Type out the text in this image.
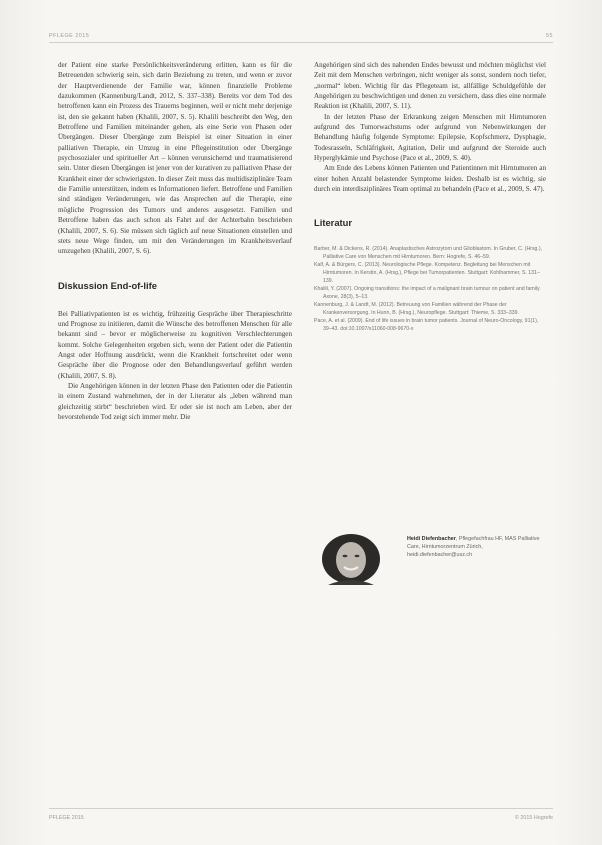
PFLEGE 2015	55

der Patient eine starke Persönlichkeitsveränderung erlitten, kann es für die Betreuenden schwierig sein, sich darin Beziehung zu treten, und wenn er zuvor der Hauptverdienende der Familie war, können finanzielle Probleme dazukommen (Kannenburg/Landt, 2012, S. 337–338). Bereits vor dem Tod des betroffenen kann ein Prozess des Trauerns beginnen, weil er nicht mehr derjenige ist, den sie gekannt haben (Khalili, 2007, S. 5). Khalili beschreibt den Weg, den Betroffene und Familien miteinander gehen, als eine Serie von Phasen oder Übergängen. Dieser Übergänge zum Beispiel ist einer Situation in einer palliativen Therapie, ein Umzug in eine Pflegeinstitution oder Übergänge psychosozialer und spiritueller Art – können verunsichernd und traumatisierend sein. Unter diesen Übergängen ist jener von der kurativen zu palliativen Phase der Krankheit einer der schwierigsten. In dieser Zeit muss das multidisziplinäre Team die Familie unterstützen, indem es Informationen liefert. Betroffene und Familien sind ständigen Veränderungen, wie das Ansprechen auf die Therapie, eine mögliche Progression des Tumors und anderes ausgesetzt. Familien und Betroffene haben das auch schon als Fahrt auf der Achterbahn beschrieben (Khalili, 2007, S. 6). Sie müssen sich täglich auf neue Situationen einstellen und stets neue Wege finden, um mit den Veränderungen im Krankheitsverlauf umzugehen (Khalili, 2007, S. 6).

Diskussion End-of-life

Bei Palliativpatienten ist es wichtig, frühzeitig Gespräche über Therapieschritte und Prognose zu initiieren, damit die Wünsche des betroffenen Menschen für alle bekannt sind – bevor er möglicherweise zu kognitiven Verschlechterungen kommt. Solche Gelegenheiten ergeben sich, wenn der Patient oder die Patientin Angst oder Hoffnung ausdrückt, wenn die Krankheit fortschreitet oder wenn Gespräche über die Prognose oder den Behandlungsverlauf geführt werden (Khalili, 2007, S. 8).

Die Angehörigen können in der letzten Phase den Patienten oder die Patientin in einem Zustand wahrnehmen, der in der Literatur als „leben während man gleichzeitig stirbt“ beschrieben wird. Er oder sie ist noch am Leben, aber der bevorstehende Tod zeigt sich immer mehr. Die

Angehörigen sind sich des nahenden Endes bewusst und möchten möglichst viel Zeit mit dem Menschen verbringen, nicht weniger als sonst, sondern noch tiefer, „normal“ leben. Wichtig für das Pflegeteam ist, allfällige Schuldgefühle der Angehörigen zu beschwichtigen und denen zu versichern, dass dies eine normale Reaktion ist (Khalili, 2007, S. 11).

In der letzten Phase der Erkrankung zeigen Menschen mit Hirntumoren aufgrund des Tumorwachstums oder aufgrund von Nebenwirkungen der Behandlung häufig folgende Symptome: Epilepsie, Kopfschmerz, Dysphagie, Todesrasseln, Schläfrigkeit, Agitation, Delir und aufgrund der Steroide auch Hyperglykämie und Psychose (Pace et al., 2009, S. 40).

Am Ende des Lebens können Patienten und Patientinnen mit Hirntumoren an einer hohen Anzahl belastender Symptome leiden. Deshalb ist es wichtig, sie durch ein interdisziplinäres Team optimal zu behandeln (Pace et al., 2009, S. 47).

Literatur

Barber, M. & Dickens, R. (2014). Anaplastisches Astrozytom und Glioblastom. In Gruber, C. (Hrsg.), Palliative Care von Menschen mit Hirntumoren. Bern: Hogrefe, S. 46–59.

Kalf, A. & Bürgers, C. (2013). Neurologische Pflege. Kompetenz. Begleitung bei Menschen mit Hirntumoren. In Kerstin, A. (Hrsg.), Pflege bei Tumorpatienten. Stuttgart: Kohlhammer, S. 131–139.

Khalili, Y. (2007). Ongoing transitions: the impact of a malignant brain tumour on patient and family. Axone, 28(3), 5–13.

Kannenburg, J. & Landt, M. (2012). Betreuung von Familien während der Phase der Krankenversorgung. In Hunn, B. (Hrsg.), Neuropflege. Stuttgart: Thieme, S. 333–339.

Pace, A. et al. (2009). End of life issues in brain tumor patients. Journal of Neuro-Oncology, 91(1), 39–43. doi:10.1007/s11060-008-9670-x

Heidi Diefenbacher, Pflegefachfrau HF, MAS Palliative Care, Hirntumorzentrum Zürich, heidi.diefenbacher@usz.ch
PFLEGE 2015	© 2015 Hogrefe
